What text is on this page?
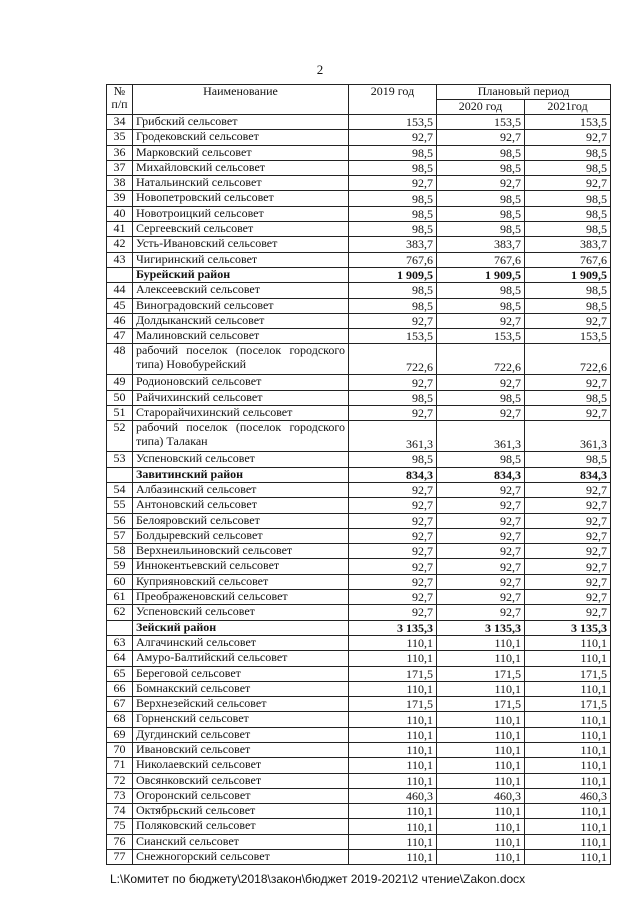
2
№ п/п	Наименование	2019 год	Плановый период	
			2020 год	2021год
34	Грибский сельсовет	153,5	153,5	153,5
35	Гродековский сельсовет	92,7	92,7	92,7
36	Марковский сельсовет	98,5	98,5	98,5
37	Михайловский сельсовет	98,5	98,5	98,5
38	Натальинский сельсовет	92,7	92,7	92,7
39	Новопетровский сельсовет	98,5	98,5	98,5
40	Новотроицкий сельсовет	98,5	98,5	98,5
41	Сергеевский сельсовет	98,5	98,5	98,5
42	Усть-Ивановский сельсовет	383,7	383,7	383,7
43	Чигиринский сельсовет	767,6	767,6	767,6
	Бурейский район	1 909,5	1 909,5	1 909,5
44	Алексеевский сельсовет	98,5	98,5	98,5
45	Виноградовский сельсовет	98,5	98,5	98,5
46	Долдыканский сельсовет	92,7	92,7	92,7
47	Малиновский сельсовет	153,5	153,5	153,5
48	рабочий поселок (поселок городского типа) Новобурейский	722,6	722,6	722,6
49	Родионовский сельсовет	92,7	92,7	92,7
50	Райчихинский сельсовет	98,5	98,5	98,5
51	Старорайчихинский сельсовет	92,7	92,7	92,7
52	рабочий поселок (поселок городского типа) Талакан	361,3	361,3	361,3
53	Успеновский сельсовет	98,5	98,5	98,5
	Завитинский район	834,3	834,3	834,3
54	Албазинский сельсовет	92,7	92,7	92,7
55	Антоновский сельсовет	92,7	92,7	92,7
56	Белояровский сельсовет	92,7	92,7	92,7
57	Болдыревский сельсовет	92,7	92,7	92,7
58	Верхнеильиновский сельсовет	92,7	92,7	92,7
59	Иннокентьевский сельсовет	92,7	92,7	92,7
60	Куприяновский сельсовет	92,7	92,7	92,7
61	Преображеновский сельсовет	92,7	92,7	92,7
62	Успеновский сельсовет	92,7	92,7	92,7
	Зейский район	3 135,3	3 135,3	3 135,3
63	Алгачинский сельсовет	110,1	110,1	110,1
64	Амуро-Балтийский сельсовет	110,1	110,1	110,1
65	Береговой сельсовет	171,5	171,5	171,5
66	Бомнакский сельсовет	110,1	110,1	110,1
67	Верхнезейский сельсовет	171,5	171,5	171,5
68	Горненский сельсовет	110,1	110,1	110,1
69	Дугдинский сельсовет	110,1	110,1	110,1
70	Ивановский сельсовет	110,1	110,1	110,1
71	Николаевский сельсовет	110,1	110,1	110,1
72	Овсянковский сельсовет	110,1	110,1	110,1
73	Огоронский сельсовет	460,3	460,3	460,3
74	Октябрьский сельсовет	110,1	110,1	110,1
75	Поляковский сельсовет	110,1	110,1	110,1
76	Сианский сельсовет	110,1	110,1	110,1
77	Снежногорский сельсовет	110,1	110,1	110,1
L:\Комитет по бюджету\2018\закон\бюджет 2019-2021\2 чтение\Zakon.docx
